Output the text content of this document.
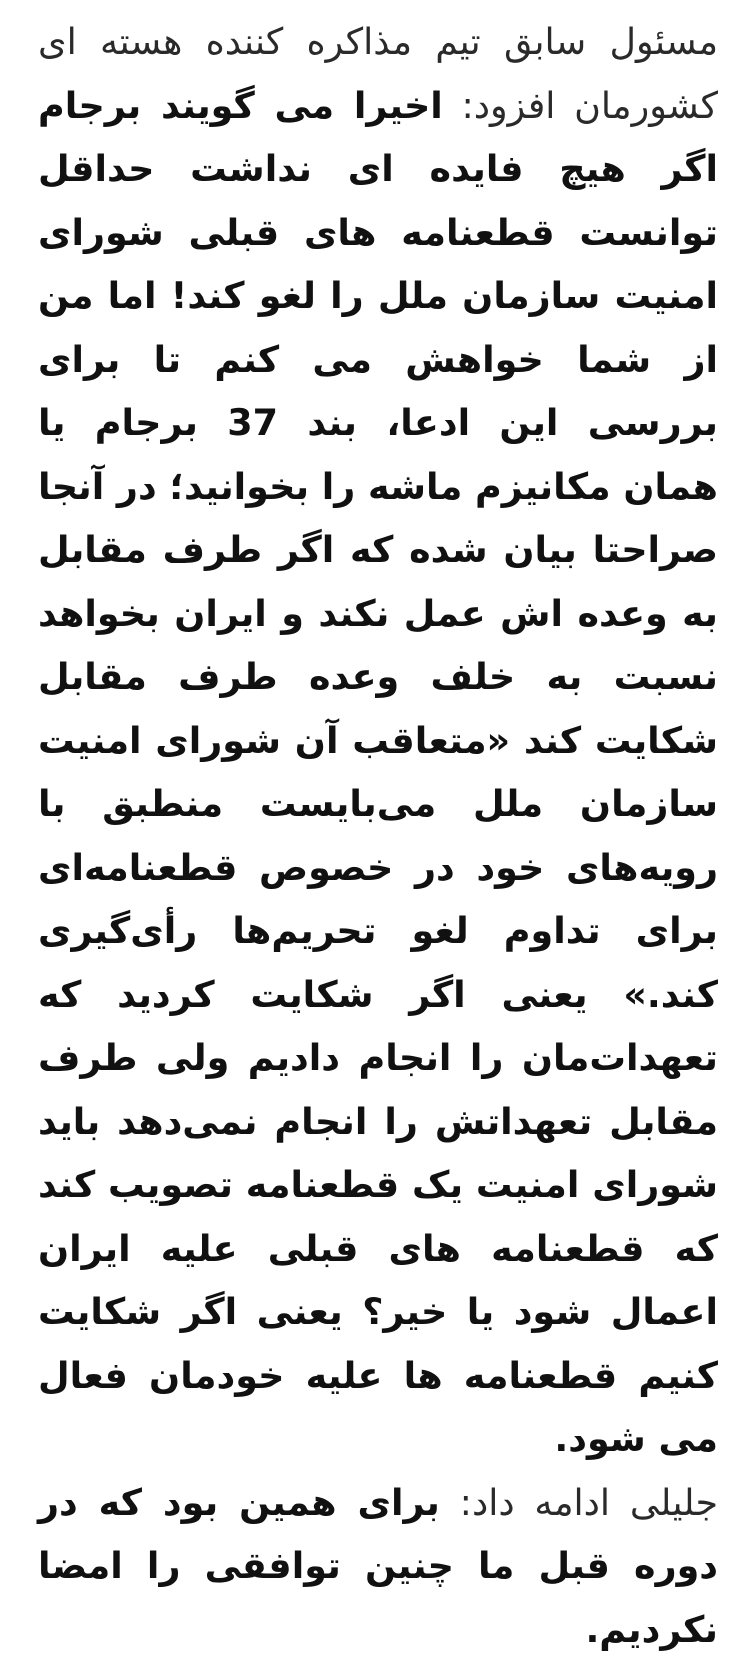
مسئول سابق تیم مذاکره کننده هسته ای کشورمان افزود: اخیرا می گویند برجام اگر هیچ فایده ای نداشت حداقل توانست قطعنامه های قبلی شورای امنیت سازمان ملل را لغو کند! اما من از شما خواهش می کنم تا برای بررسی این ادعا، بند 37 برجام یا همان مکانیزم ماشه را بخوانید؛ در آنجا صراحتا بیان شده که اگر طرف مقابل به وعده اش عمل نکند و ایران بخواهد نسبت به خلف وعده طرف مقابل شکایت کند «متعاقب آن شورای امنیت سازمان ملل می‌بایست منطبق با رویه‌های خود در خصوص قطعنامه‌ای برای تداوم لغو تحریم‌ها رأی‌گیری کند.» یعنی اگر شکایت کردید که تعهدات‌مان را انجام دادیم ولی طرف مقابل تعهداتش را انجام نمی‌دهد باید شورای امنیت یک قطعنامه تصویب کند که قطعنامه های قبلی علیه ایران اعمال شود یا خیر؟ یعنی اگر شکایت کنیم قطعنامه ها علیه خودمان فعال می شود.

جلیلی ادامه داد: برای همین بود که در دوره قبل ما چنین توافقی را امضا نکردیم.
